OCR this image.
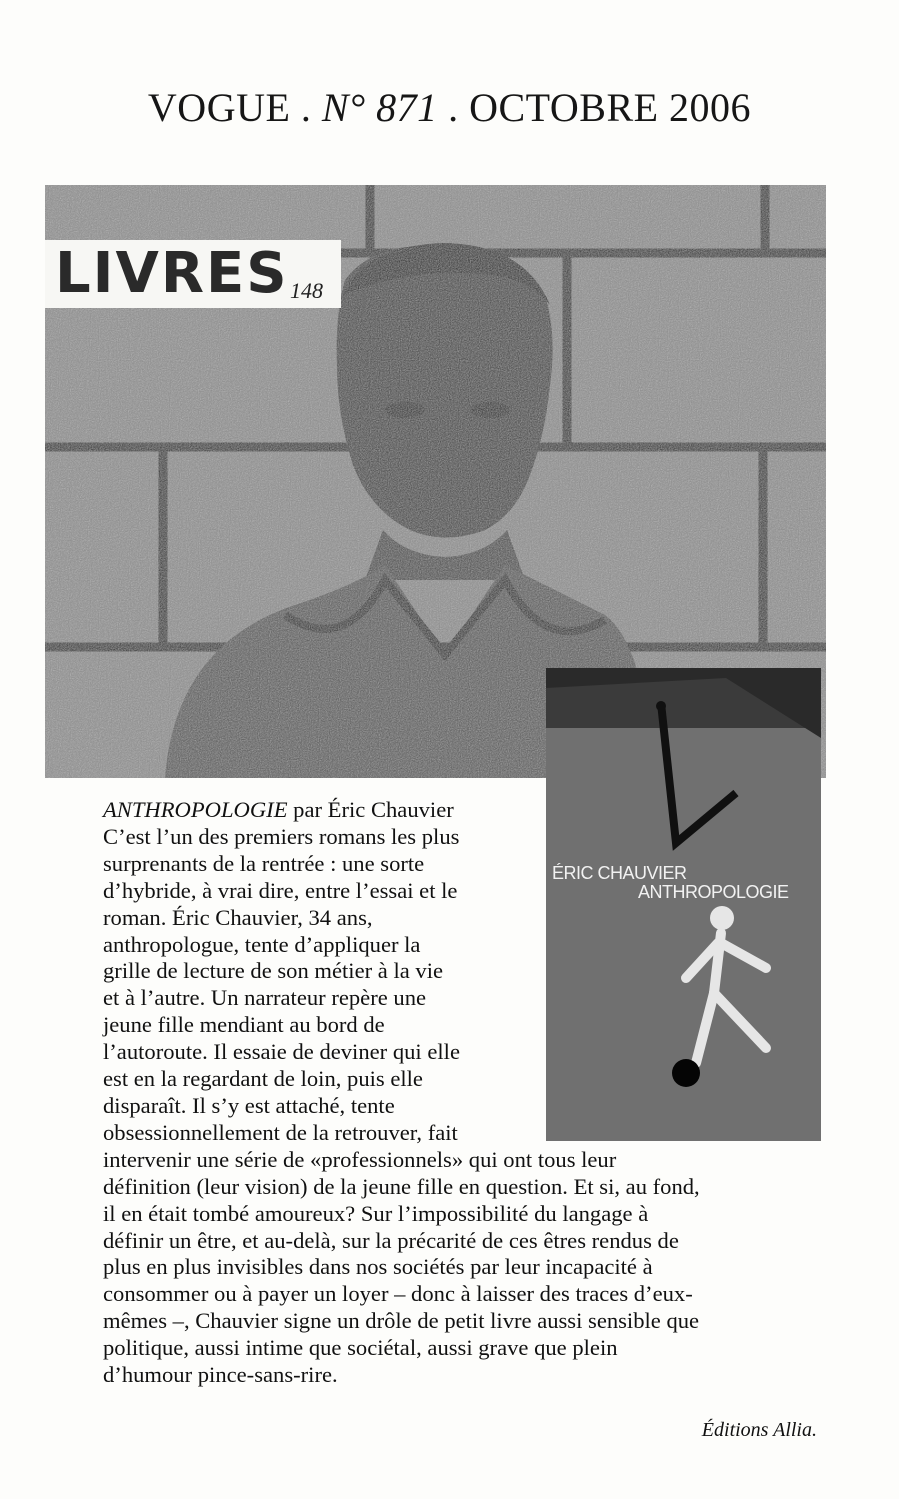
VOGUE . N° 871 . OCTOBRE 2006
LIVRES 148
ÉRIC CHAUVIER
ANTHROPOLOGIE
ANTHROPOLOGIE par Éric Chauvier
C’est l’un des premiers romans les plus
surprenants de la rentrée : une sorte
d’hybride, à vrai dire, entre l’essai et le
roman. Éric Chauvier, 34 ans,
anthropologue, tente d’appliquer la
grille de lecture de son métier à la vie
et à l’autre. Un narrateur repère une
jeune fille mendiant au bord de
l’autoroute. Il essaie de deviner qui elle
est en la regardant de loin, puis elle
disparaît. Il s’y est attaché, tente
obsessionnellement de la retrouver, fait
intervenir une série de «professionnels» qui ont tous leur
définition (leur vision) de la jeune fille en question. Et si, au fond,
il en était tombé amoureux? Sur l’impossibilité du langage à
définir un être, et au-delà, sur la précarité de ces êtres rendus de
plus en plus invisibles dans nos sociétés par leur incapacité à
consommer ou à payer un loyer – donc à laisser des traces d’eux-
mêmes –, Chauvier signe un drôle de petit livre aussi sensible que
politique, aussi intime que sociétal, aussi grave que plein
d’humour pince-sans-rire.
Éditions Allia.
